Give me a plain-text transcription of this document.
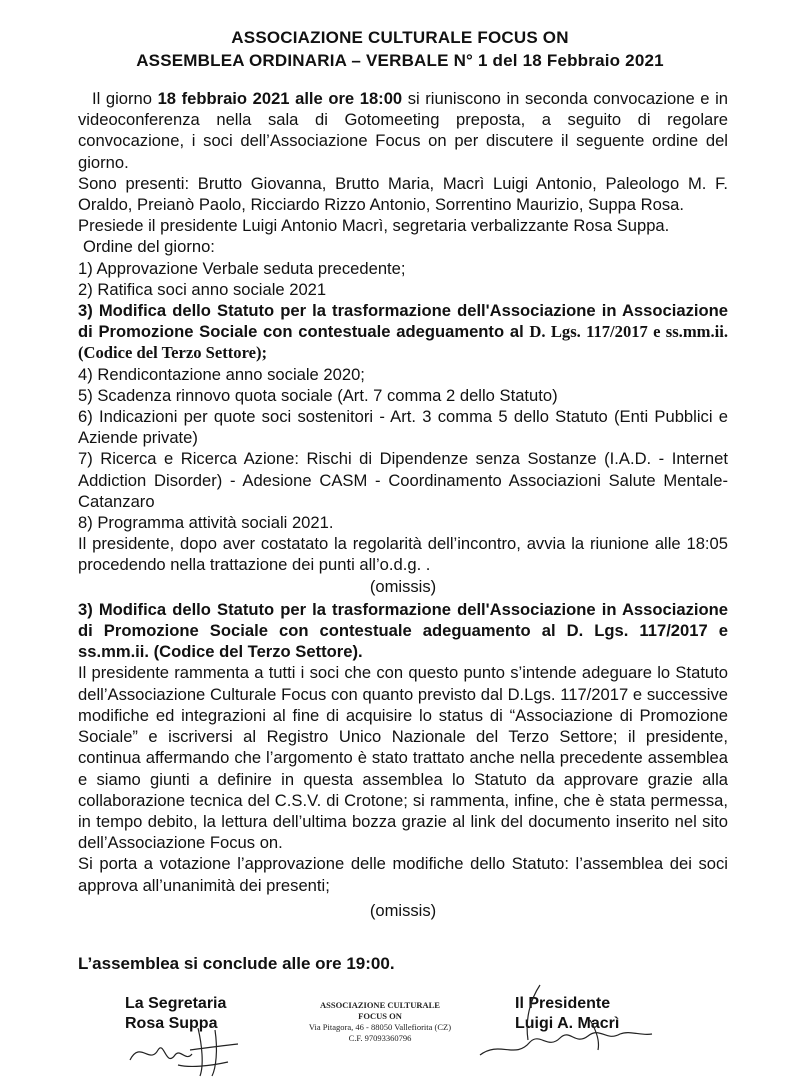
ASSOCIAZIONE CULTURALE FOCUS ON
ASSEMBLEA ORDINARIA – VERBALE N° 1 del 18 Febbraio 2021

Il giorno 18 febbraio 2021 alle ore 18:00 si riuniscono in seconda convocazione e in videoconferenza nella sala di Gotomeeting preposta, a seguito di regolare convocazione, i soci dell’Associazione Focus on per discutere il seguente ordine del giorno.

Sono presenti: Brutto Giovanna, Brutto Maria, Macrì Luigi Antonio, Paleologo M. F. Oraldo, Preianò Paolo, Ricciardo Rizzo Antonio, Sorrentino Maurizio, Suppa Rosa.

Presiede il presidente Luigi Antonio Macrì, segretaria verbalizzante Rosa Suppa.

Ordine del giorno:

1) Approvazione Verbale seduta precedente;

2) Ratifica soci anno sociale 2021

3) Modifica dello Statuto per la trasformazione dell'Associazione in Associazione di Promozione Sociale con contestuale adeguamento al D. Lgs. 117/2017 e ss.mm.ii. (Codice del Terzo Settore);

4) Rendicontazione anno sociale 2020;

5) Scadenza rinnovo quota sociale (Art. 7 comma 2 dello Statuto)

6) Indicazioni per quote soci sostenitori - Art. 3 comma 5 dello Statuto (Enti Pubblici e Aziende private)

7) Ricerca e Ricerca Azione: Rischi di Dipendenze senza Sostanze (I.A.D. - Internet Addiction Disorder) - Adesione CASM - Coordinamento Associazioni Salute Mentale-Catanzaro

8) Programma attività sociali 2021.

Il presidente, dopo aver costatato la regolarità dell’incontro, avvia la riunione alle 18:05 procedendo nella trattazione dei punti all’o.d.g. .

(omissis)

3) Modifica dello Statuto per la trasformazione dell'Associazione in Associazione di Promozione Sociale con contestuale adeguamento al D. Lgs. 117/2017 e ss.mm.ii. (Codice del Terzo Settore).

Il presidente rammenta a tutti i soci che con questo punto s’intende adeguare lo Statuto dell’Associazione Culturale Focus con quanto previsto dal D.Lgs. 117/2017 e successive modifiche ed integrazioni al fine di acquisire lo status di “Associazione di Promozione Sociale” e iscriversi al Registro Unico Nazionale del Terzo Settore; il presidente, continua affermando che l’argomento è stato trattato anche nella precedente assemblea e siamo giunti a definire in questa assemblea lo Statuto da approvare grazie alla collaborazione tecnica del C.S.V. di Crotone; si rammenta, infine, che è stata permessa, in tempo debito, la lettura dell’ultima bozza grazie al link del documento inserito nel sito dell’Associazione Focus on.

Si porta a votazione l’approvazione delle modifiche dello Statuto: l’assemblea dei soci approva all’unanimità dei presenti;

(omissis)

L’assemblea si conclude alle ore 19:00.
La Segretaria
Rosa Suppa
ASSOCIAZIONE CULTURALE
FOCUS ON
Via Pitagora, 46 - 88050 Vallefiorita (CZ)
C.F. 97093360796
Il Presidente
Luigi A. Macrì
